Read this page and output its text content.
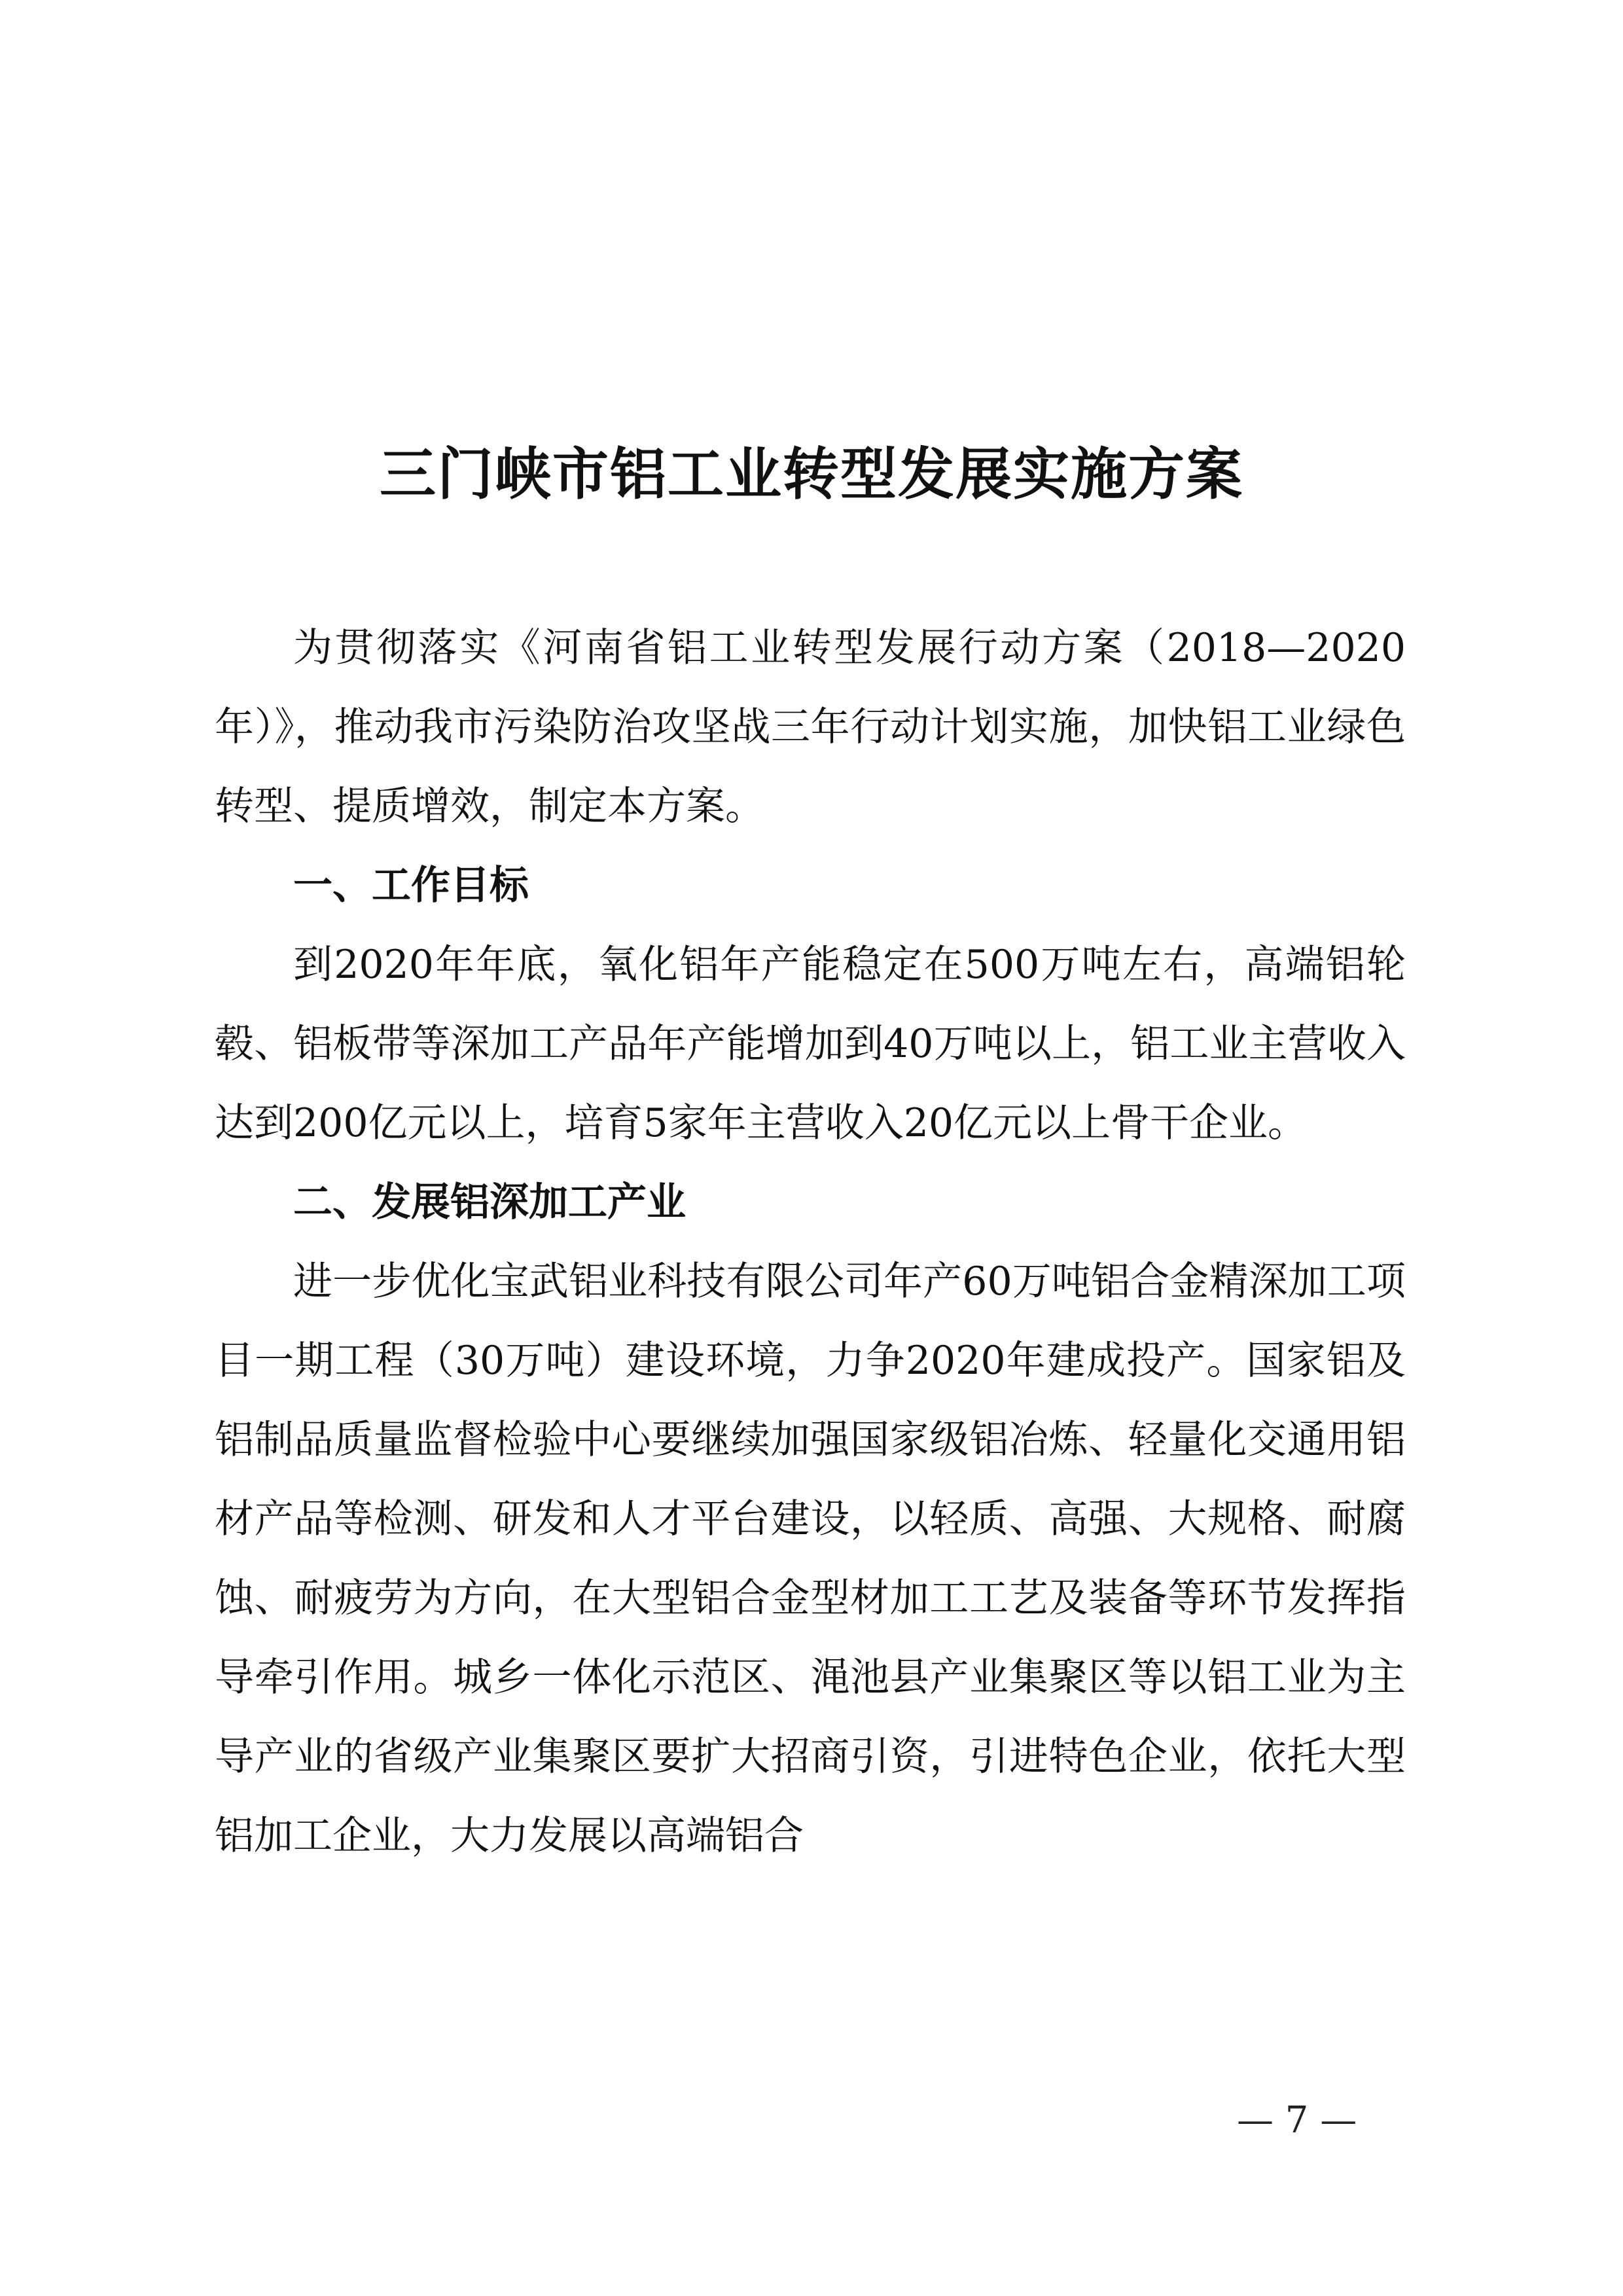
三门峡市铝工业转型发展实施方案

为贯彻落实《河南省铝工业转型发展行动方案（2018—2020年）》，推动我市污染防治攻坚战三年行动计划实施，加快铝工业绿色转型、提质增效，制定本方案。

一、工作目标

到2020年年底，氧化铝年产能稳定在500万吨左右，高端铝轮毂、铝板带等深加工产品年产能增加到40万吨以上，铝工业主营收入达到200亿元以上，培育5家年主营收入20亿元以上骨干企业。

二、发展铝深加工产业

进一步优化宝武铝业科技有限公司年产60万吨铝合金精深加工项目一期工程（30万吨）建设环境，力争2020年建成投产。国家铝及铝制品质量监督检验中心要继续加强国家级铝冶炼、轻量化交通用铝材产品等检测、研发和人才平台建设，以轻质、高强、大规格、耐腐蚀、耐疲劳为方向，在大型铝合金型材加工工艺及装备等环节发挥指导牵引作用。城乡一体化示范区、渑池县产业集聚区等以铝工业为主导产业的省级产业集聚区要扩大招商引资，引进特色企业，依托大型铝加工企业，大力发展以高端铝合

— 7 —
